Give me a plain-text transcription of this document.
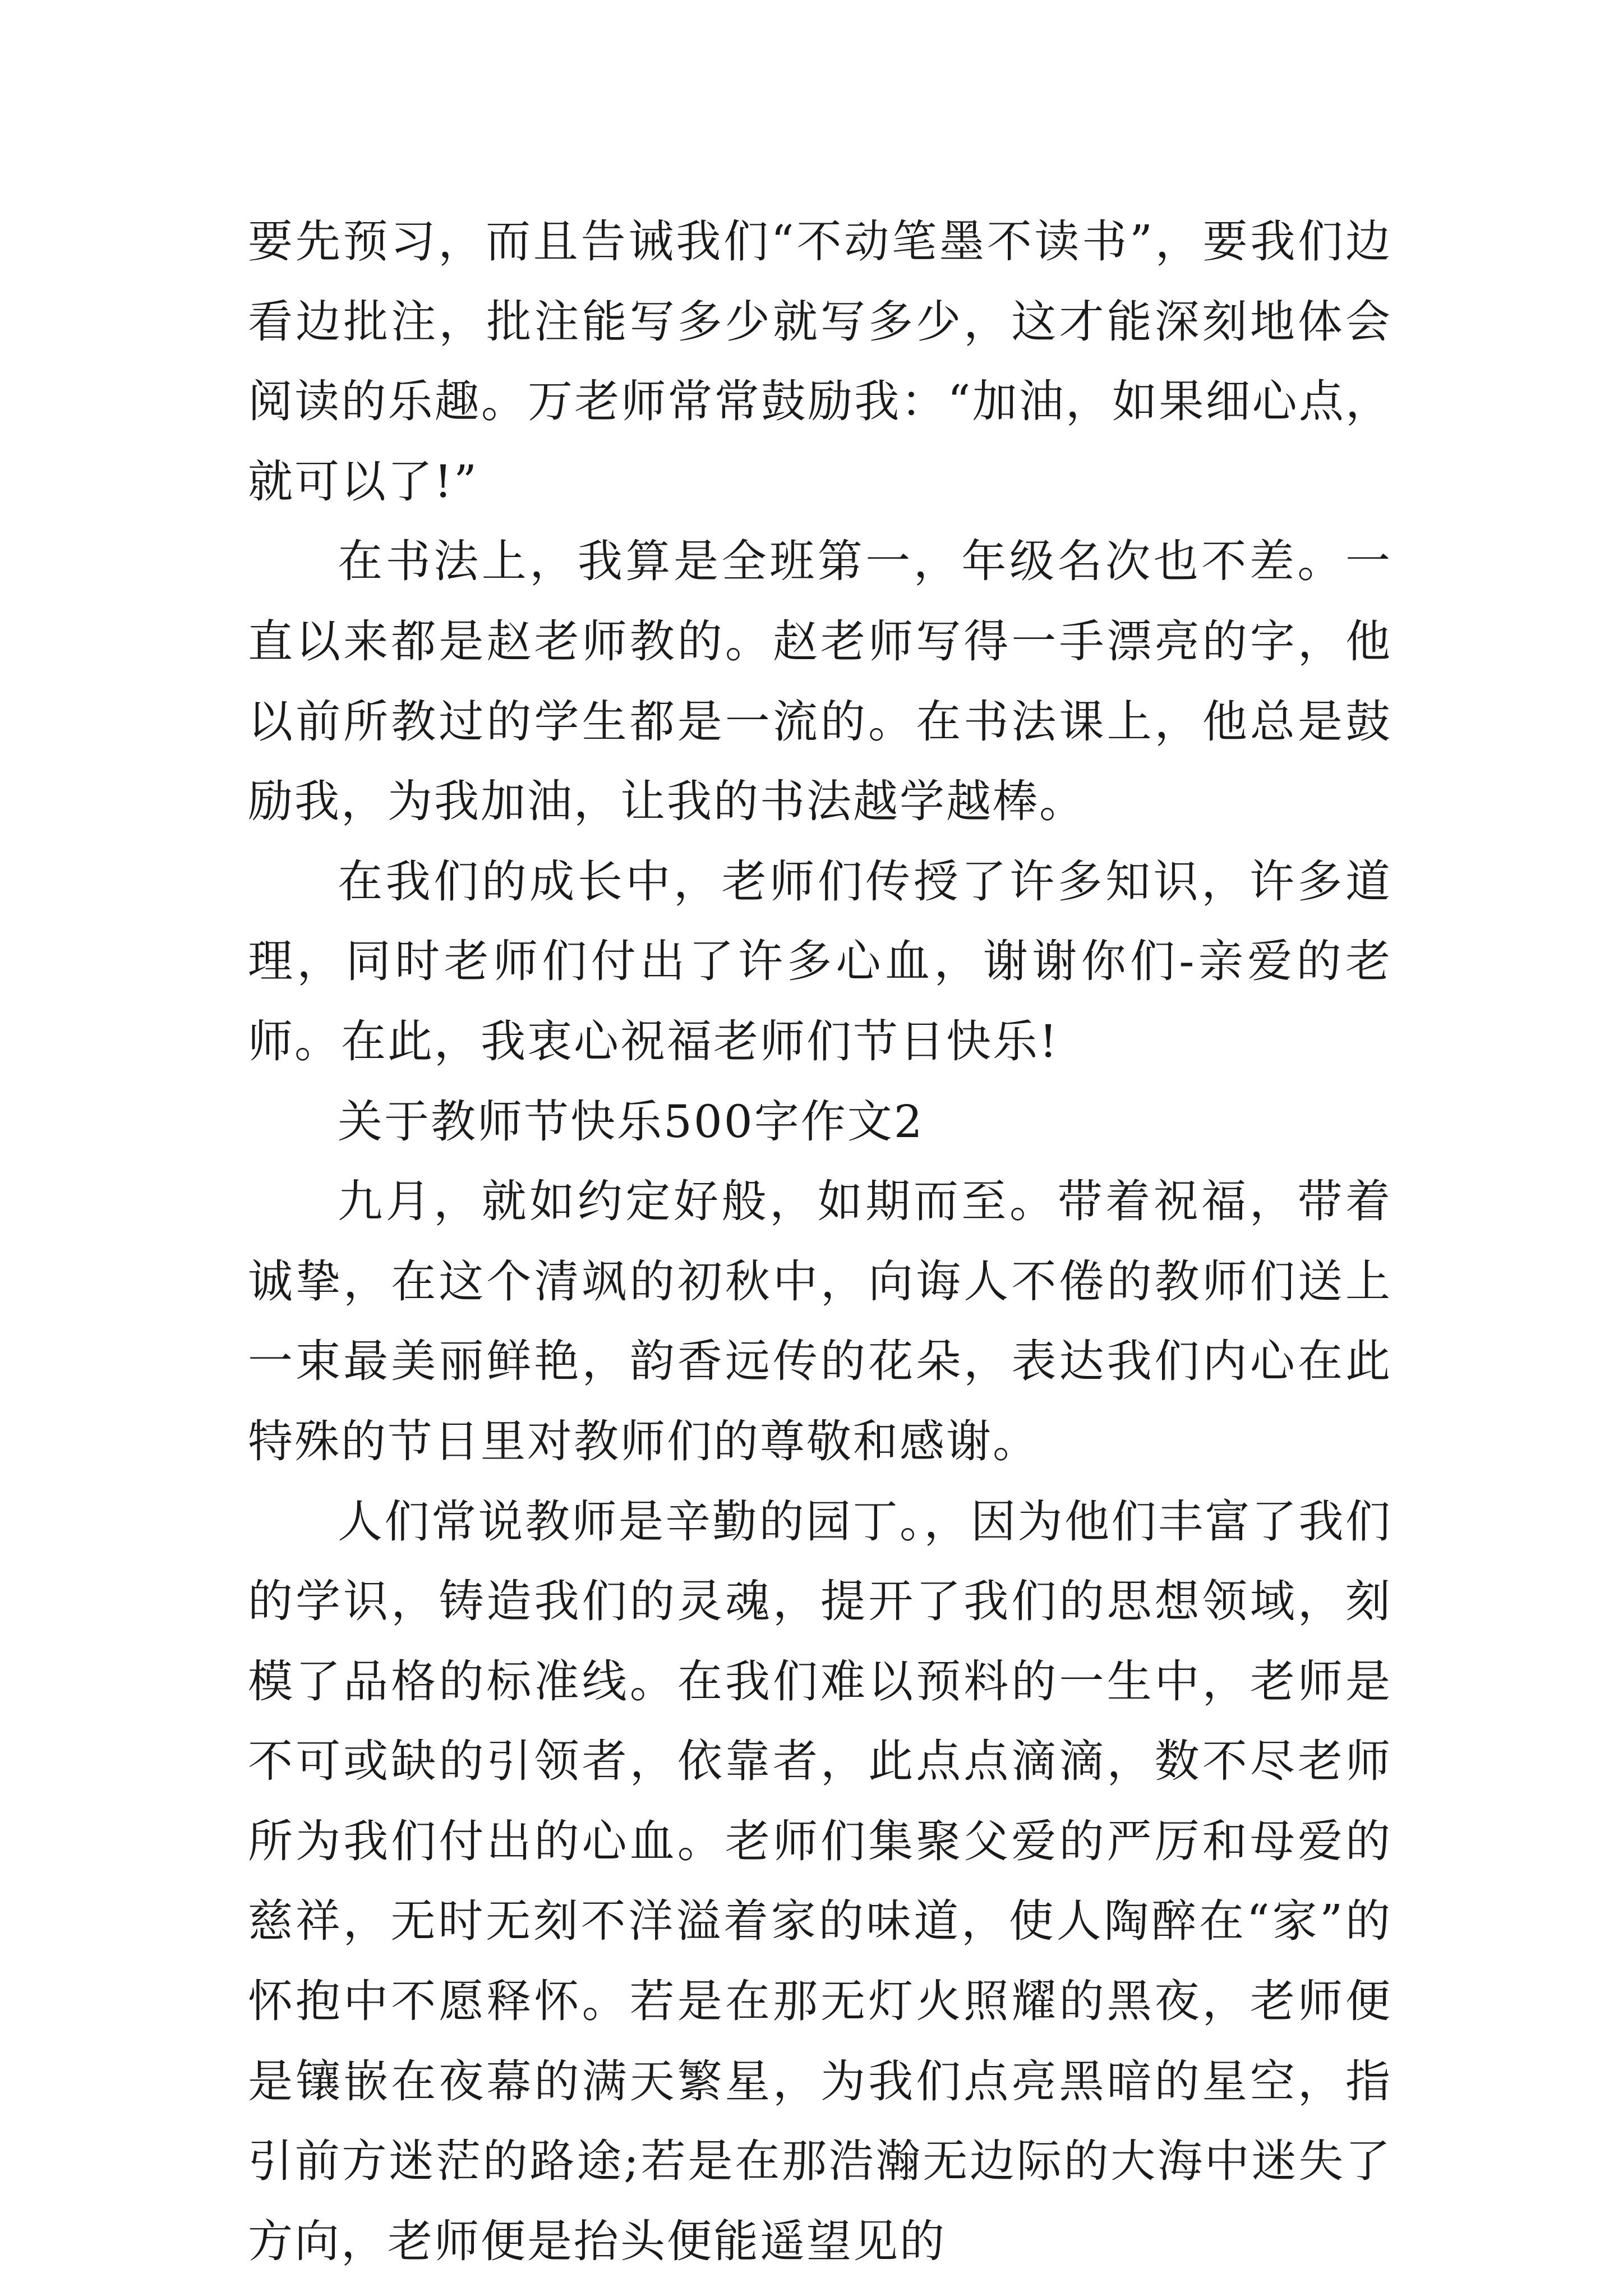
要先预习，而且告诫我们“不动笔墨不读书”，要我们边看边批注，批注能写多少就写多少，这才能深刻地体会阅读的乐趣。万老师常常鼓励我：“加油，如果细心点，就可以了!”

在书法上，我算是全班第一，年级名次也不差。一直以来都是赵老师教的。赵老师写得一手漂亮的字，他以前所教过的学生都是一流的。在书法课上，他总是鼓励我，为我加油，让我的书法越学越棒。

在我们的成长中，老师们传授了许多知识，许多道理，同时老师们付出了许多心血，谢谢你们-亲爱的老师。在此，我衷心祝福老师们节日快乐!

关于教师节快乐500字作文2

九月，就如约定好般，如期而至。带着祝福，带着诚挚，在这个清飒的初秋中，向诲人不倦的教师们送上一束最美丽鲜艳，韵香远传的花朵，表达我们内心在此特殊的节日里对教师们的尊敬和感谢。

人们常说教师是辛勤的园丁。，因为他们丰富了我们的学识，铸造我们的灵魂，提开了我们的思想领域，刻模了品格的标准线。在我们难以预料的一生中，老师是不可或缺的引领者，依靠者，此点点滴滴，数不尽老师所为我们付出的心血。老师们集聚父爱的严厉和母爱的慈祥，无时无刻不洋溢着家的味道，使人陶醉在“家”的怀抱中不愿释怀。若是在那无灯火照耀的黑夜，老师便是镶嵌在夜幕的满天繁星，为我们点亮黑暗的星空，指引前方迷茫的路途;若是在那浩瀚无边际的大海中迷失了方向，老师便是抬头便能遥望见的
